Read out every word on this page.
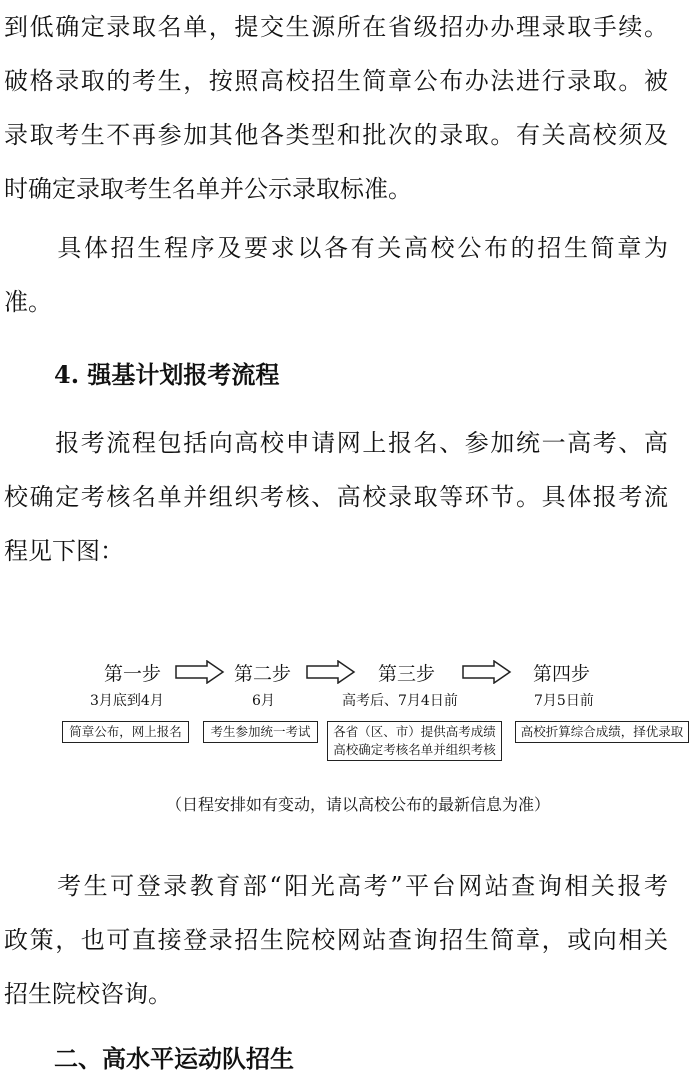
到低确定录取名单，提交生源所在省级招办办理录取手续。
破格录取的考生，按照高校招生简章公布办法进行录取。被
录取考生不再参加其他各类型和批次的录取。有关高校须及
时确定录取考生名单并公示录取标准。
　　具体招生程序及要求以各有关高校公布的招生简章为
准。
4. 强基计划报考流程
　　报考流程包括向高校申请网上报名、参加统一高考、高
校确定考核名单并组织考核、高校录取等环节。具体报考流
程见下图：
第一步
3月底到4月
简章公布，网上报名
第二步
6月
考生参加统一考试
第三步
高考后、7月4日前
各省（区、市）提供高考成绩
高校确定考核名单并组织考核
第四步
7月5日前
高校折算综合成绩，择优录取
（日程安排如有变动，请以高校公布的最新信息为准）
　　考生可登录教育部“阳光高考”平台网站查询相关报考
政策，也可直接登录招生院校网站查询招生简章，或向相关
招生院校咨询。
二、高水平运动队招生
